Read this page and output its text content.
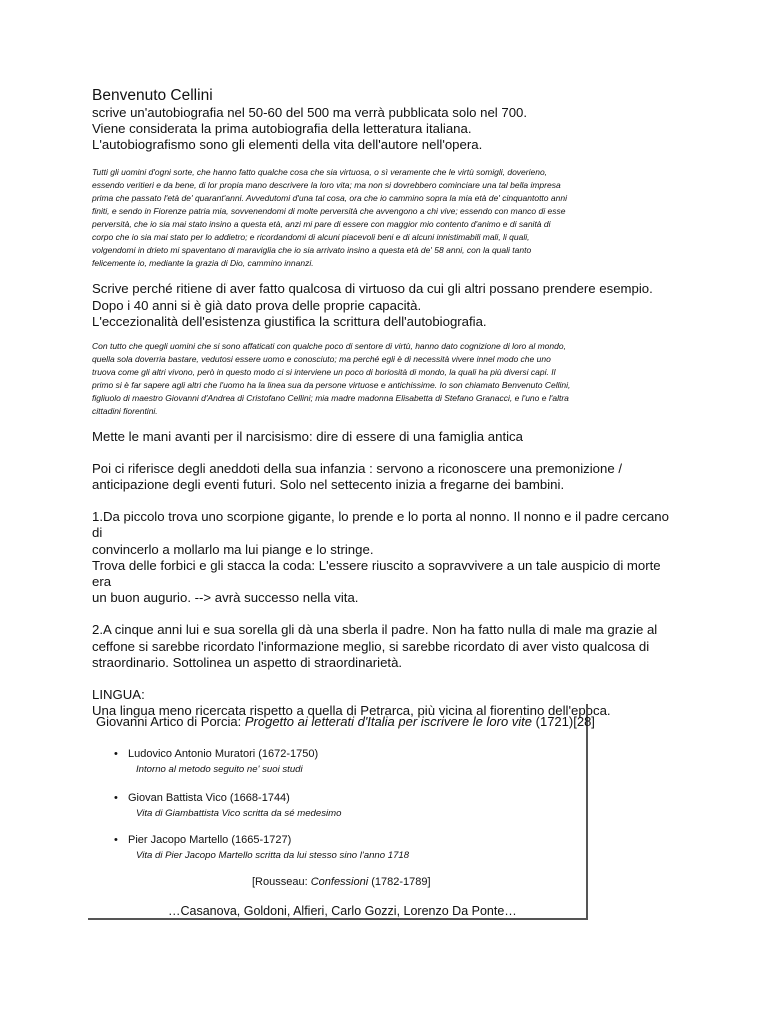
Benvenuto Cellini

scrive un'autobiografia nel 50-60 del 500 ma verrà pubblicata solo nel 700.

Viene considerata la prima autobiografia della letteratura italiana.

L'autobiografismo sono gli elementi della vita dell'autore nell'opera.

Tutti gli uomini d'ogni sorte, che hanno fatto qualche cosa che sia virtuosa, o sì veramente che le virtù somigli, doverieno,

essendo veritieri e da bene, di lor propia mano descrivere la loro vita; ma non si dovrebbero cominciare una tal bella impresa

prima che passato l'età de' quarant'anni. Avvedutomi d'una tal cosa, ora che io cammino sopra la mia età de' cinquantotto anni

finiti, e sendo in Fiorenze patria mia, sovvenendomi di molte perversità che avvengono a chi vive; essendo con manco di esse

perversità, che io sia mai stato insino a questa età, anzi mi pare di essere con maggior mio contento d'animo e di sanità di

corpo che io sia mai stato per lo addietro; e ricordandomi di alcuni piacevoli beni e di alcuni innistimabili mali, li quali,

volgendomi in drieto mi spaventano di maraviglia che io sia arrivato insino a questa età de' 58 anni, con la quali tanto

felicemente io, mediante la grazia di Dio, cammino innanzi.

Scrive perché ritiene di aver fatto qualcosa di virtuoso da cui gli altri possano prendere esempio.

Dopo i 40 anni si è già dato prova delle proprie capacità.

L'eccezionalità dell'esistenza giustifica la scrittura dell'autobiografia.

Con tutto che quegli uomini che si sono affaticati con qualche poco di sentore di virtù, hanno dato cognizione di loro al mondo,

quella sola doverria bastare, vedutosi essere uomo e conosciuto; ma perché egli è di necessità vivere innel modo che uno

truova come gli altri vivono, però in questo modo ci si interviene un poco di boriosità di mondo, la quali ha più diversi capi. Il

primo si è far sapere agli altri che l'uomo ha la linea sua da persone virtuose e antichissime. Io son chiamato Benvenuto Cellini,

figliuolo di maestro Giovanni d'Andrea di Cristofano Cellini; mia madre madonna Elisabetta di Stefano Granacci, e l'uno e l'altra

cittadini fiorentini.

Mette le mani avanti per il narcisismo: dire di essere di una famiglia antica

Poi ci riferisce degli aneddoti della sua infanzia : servono a riconoscere una premonizione /

anticipazione degli eventi futuri. Solo nel settecento inizia a fregarne dei bambini.

1.Da piccolo trova uno scorpione gigante, lo prende e lo porta al nonno. Il nonno e il padre cercano di

convincerlo a mollarlo ma lui piange e lo stringe.

Trova delle forbici e gli stacca la coda: L'essere riuscito a sopravvivere a un tale auspicio di morte era

un buon augurio. --> avrà successo nella vita.

2.A cinque anni lui e sua sorella gli dà una sberla il padre. Non ha fatto nulla di male ma grazie al

ceffone si sarebbe ricordato l'informazione meglio, si sarebbe ricordato di aver visto qualcosa di

straordinario. Sottolinea un aspetto di straordinarietà.

LINGUA:

Una lingua meno ricercata rispetto a quella di Petrarca, più vicina al fiorentino dell'epoca.

Giovanni Artico di Porcia: Progetto ai letterati d'Italia per iscrivere le loro vite (1721)[28]
• Ludovico Antonio Muratori (1672-1750)
Intorno al metodo seguito ne' suoi studi
• Giovan Battista Vico (1668-1744)
Vita di Giambattista Vico scritta da sé medesimo
• Pier Jacopo Martello (1665-1727)
Vita di Pier Jacopo Martello scritta da lui stesso sino l'anno 1718
[Rousseau: Confessioni (1782-1789]
…Casanova, Goldoni, Alfieri, Carlo Gozzi, Lorenzo Da Ponte…
